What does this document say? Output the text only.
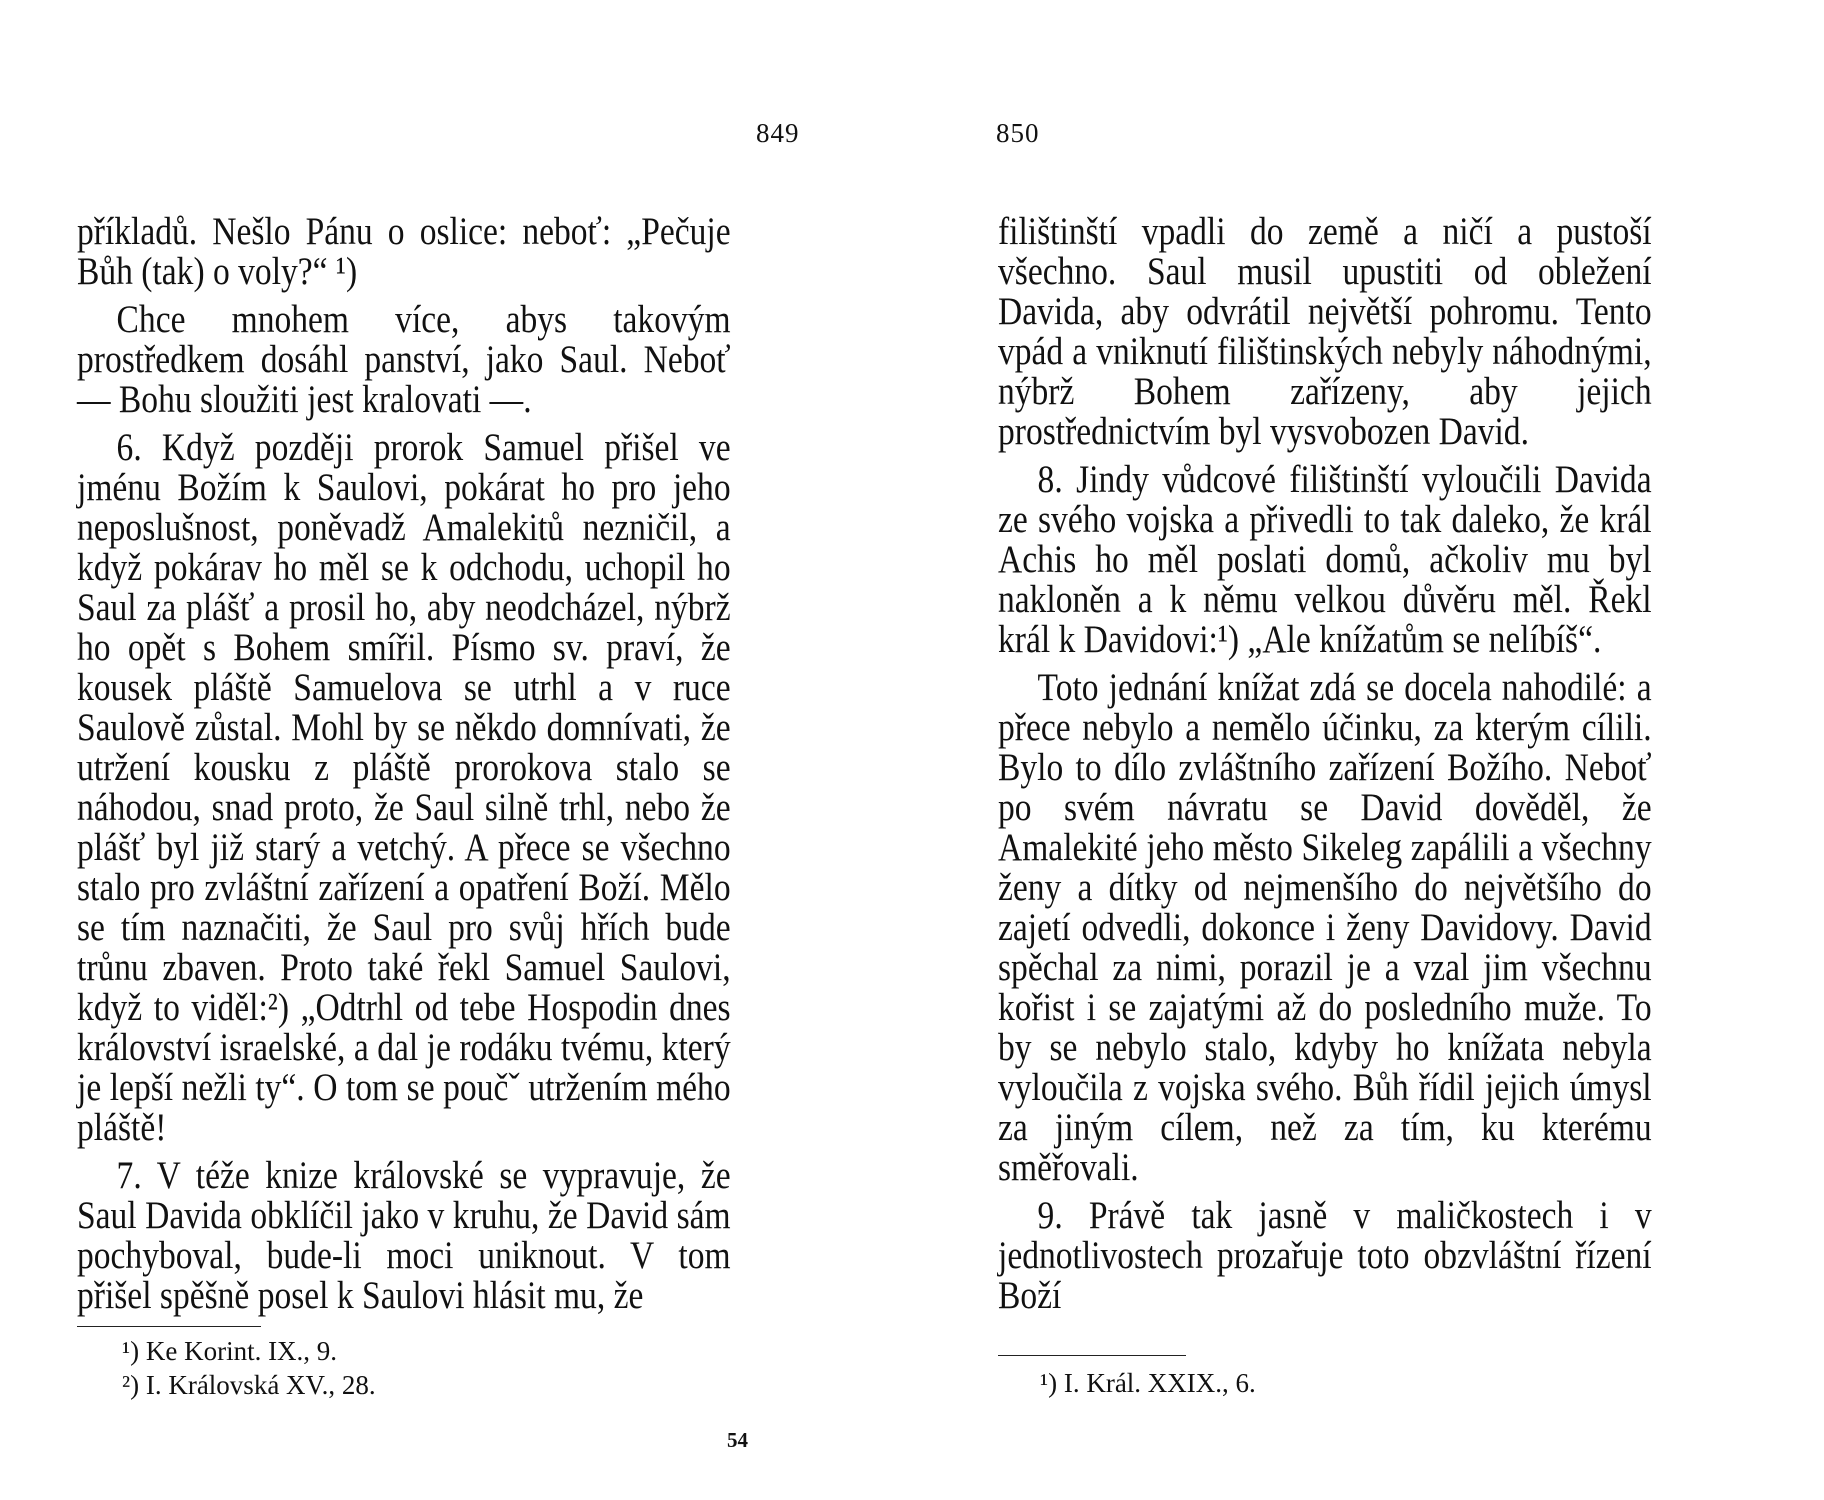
849	850

příkladů. Nešlo Pánu o oslice: neboť: „Pečuje Bůh (tak) o voly?“ ¹)

Chce mnohem více, abys takovým prostředkem dosáhl panství, jako Saul. Neboť — Bohu sloužiti jest kralovati —.

6. Když později prorok Samuel přišel ve jménu Božím k Saulovi, pokárat ho pro jeho neposlušnost, poněvadž Amalekitů nezničil, a když pokárav ho měl se k odchodu, uchopil ho Saul za plášť a prosil ho, aby neodcházel, nýbrž ho opět s Bohem smířil. Písmo sv. praví, že kousek pláště Samuelova se utrhl a v ruce Saulově zůstal. Mohl by se někdo domnívati, že utržení kousku z pláště prorokova stalo se náhodou, snad proto, že Saul silně trhl, nebo že plášť byl již starý a vetchý. A přece se všechno stalo pro zvláštní zařízení a opatření Boží. Mělo se tím naznačiti, že Saul pro svůj hřích bude trůnu zbaven. Proto také řekl Samuel Saulovi, když to viděl:²) „Odtrhl od tebe Hospodin dnes království israelské, a dal je rodáku tvému, který je lepší nežli ty“. O tom se poučˇ utržením mého pláště!

7. V téže knize královské se vypravuje, že Saul Davida obklíčil jako v kruhu, že David sám pochyboval, bude-li moci uniknout. V tom přišel spěšně posel k Saulovi hlásit mu, že

filištinští vpadli do země a ničí a pustoší všechno. Saul musil upustiti od obležení Davida, aby odvrátil největší pohromu. Tento vpád a vniknutí filištinských nebyly náhodnými, nýbrž Bohem zařízeny, aby jejich prostřednictvím byl vysvobozen David.

8. Jindy vůdcové filištinští vyloučili Davida ze svého vojska a přivedli to tak daleko, že král Achis ho měl poslati domů, ačkoliv mu byl nakloněn a k němu velkou důvěru měl. Řekl král k Davidovi:¹) „Ale knížatům se nelíbíš“.

Toto jednání knížat zdá se docela nahodilé: a přece nebylo a nemělo účinku, za kterým cílili. Bylo to dílo zvláštního zařízení Božího. Neboť po svém návratu se David dověděl, že Amalekité jeho město Sikeleg zapálili a všechny ženy a dítky od nejmenšího do největšího do zajetí odvedli, dokonce i ženy Davidovy. David spěchal za nimi, porazil je a vzal jim všechnu kořist i se zajatými až do posledního muže. To by se nebylo stalo, kdyby ho knížata nebyla vyloučila z vojska svého. Bůh řídil jejich úmysl za jiným cílem, než za tím, ku kterému směřovali.

9. Právě tak jasně v maličkostech i v jednotlivostech prozařuje toto obzvláštní řízení Boží

¹) Ke Korint. IX., 9.
²) I. Královská XV., 28.	¹) I. Král. XXIX., 6.
54
